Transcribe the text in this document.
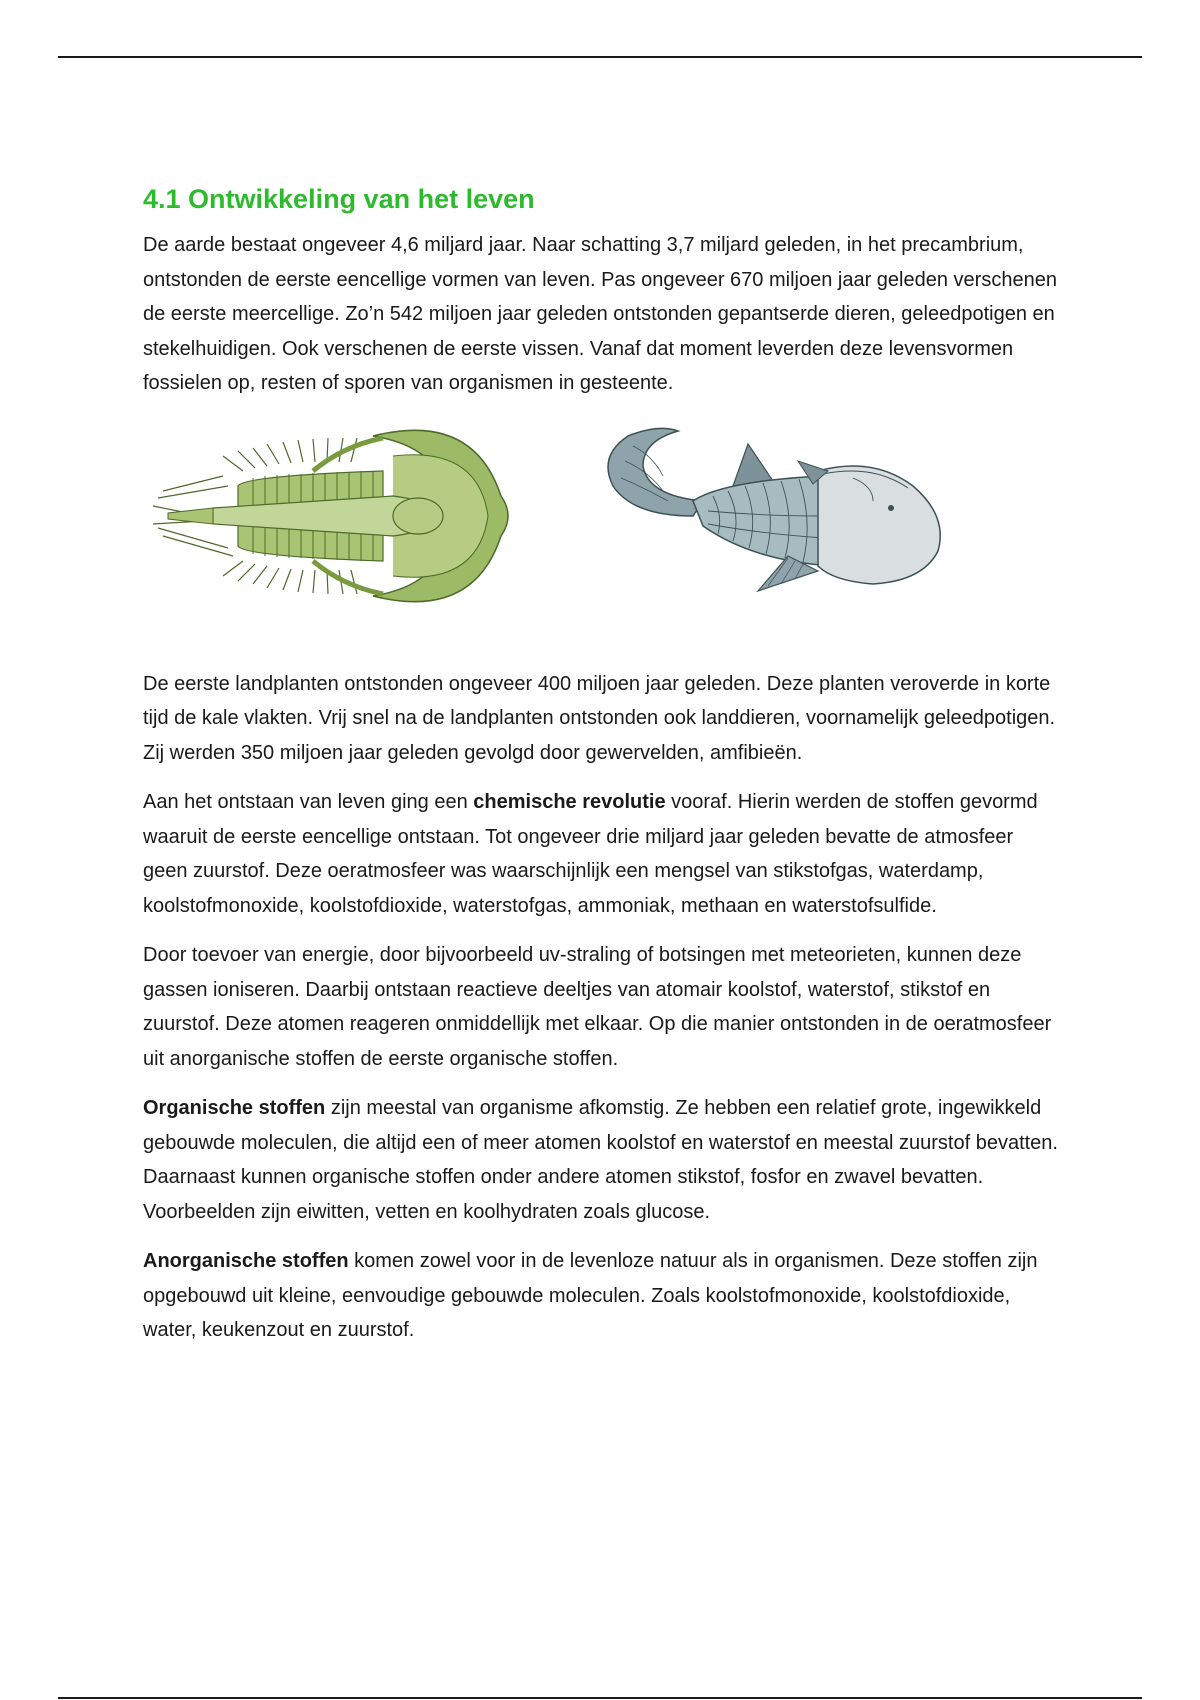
4.1 Ontwikkeling van het leven

De aarde bestaat ongeveer 4,6 miljard jaar. Naar schatting 3,7 miljard geleden, in het precambrium, ontstonden de eerste eencellige vormen van leven. Pas ongeveer 670 miljoen jaar geleden verschenen de eerste meercellige. Zo’n 542 miljoen jaar geleden ontstonden gepantserde dieren, geleedpotigen en stekelhuidigen. Ook verschenen de eerste vissen. Vanaf dat moment leverden deze levensvormen fossielen op, resten of sporen van organismen in gesteente.

De eerste landplanten ontstonden ongeveer 400 miljoen jaar geleden. Deze planten veroverde in korte tijd de kale vlakten. Vrij snel na de landplanten ontstonden ook landdieren, voornamelijk geleedpotigen. Zij werden 350 miljoen jaar geleden gevolgd door gewervelden, amfibieën.

Aan het ontstaan van leven ging een chemische revolutie vooraf. Hierin werden de stoffen gevormd waaruit de eerste eencellige ontstaan. Tot ongeveer drie miljard jaar geleden bevatte de atmosfeer geen zuurstof. Deze oeratmosfeer was waarschijnlijk een mengsel van stikstofgas, waterdamp, koolstofmonoxide, koolstofdioxide, waterstofgas, ammoniak, methaan en waterstofsulfide.

Door toevoer van energie, door bijvoorbeeld uv-straling of botsingen met meteorieten, kunnen deze gassen ioniseren. Daarbij ontstaan reactieve deeltjes van atomair koolstof, waterstof, stikstof en zuurstof. Deze atomen reageren onmiddellijk met elkaar. Op die manier ontstonden in de oeratmosfeer uit anorganische stoffen de eerste organische stoffen.

Organische stoffen zijn meestal van organisme afkomstig. Ze hebben een relatief grote, ingewikkeld gebouwde moleculen, die altijd een of meer atomen koolstof en waterstof en meestal zuurstof bevatten. Daarnaast kunnen organische stoffen onder andere atomen stikstof, fosfor en zwavel bevatten. Voorbeelden zijn eiwitten, vetten en koolhydraten zoals glucose.

Anorganische stoffen komen zowel voor in de levenloze natuur als in organismen. Deze stoffen zijn opgebouwd uit kleine, eenvoudige gebouwde moleculen. Zoals koolstofmonoxide, koolstofdioxide, water, keukenzout en zuurstof.
